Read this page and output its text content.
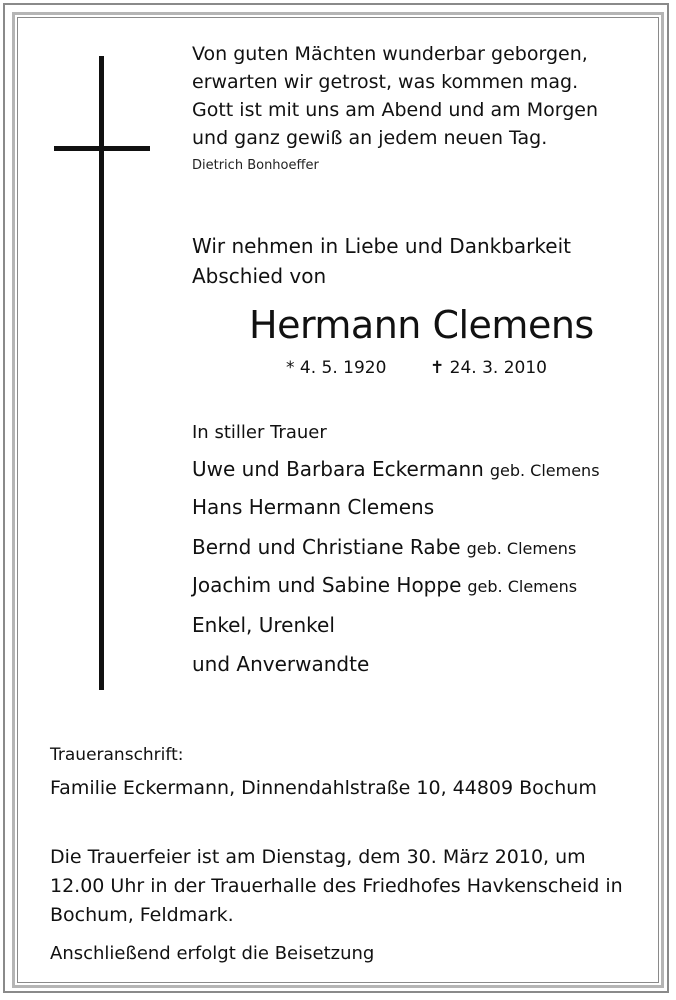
Von guten Mächten wunderbar geborgen,
erwarten wir getrost, was kommen mag.
Gott ist mit uns am Abend und am Morgen
und ganz gewiß an jedem neuen Tag.
Dietrich Bonhoeffer
Wir nehmen in Liebe und Dankbarkeit
Abschied von
Hermann Clemens
* 4. 5. 1920	✝ 24. 3. 2010
In stiller Trauer
Uwe und Barbara Eckermann geb. Clemens
Hans Hermann Clemens
Bernd und Christiane Rabe geb. Clemens
Joachim und Sabine Hoppe geb. Clemens
Enkel, Urenkel
und Anverwandte
Traueranschrift:
Familie Eckermann, Dinnendahlstraße 10, 44809 Bochum
Die Trauerfeier ist am Dienstag, dem 30. März 2010, um
12.00 Uhr in der Trauerhalle des Friedhofes Havkenscheid in
Bochum, Feldmark.
Anschließend erfolgt die Beisetzung
